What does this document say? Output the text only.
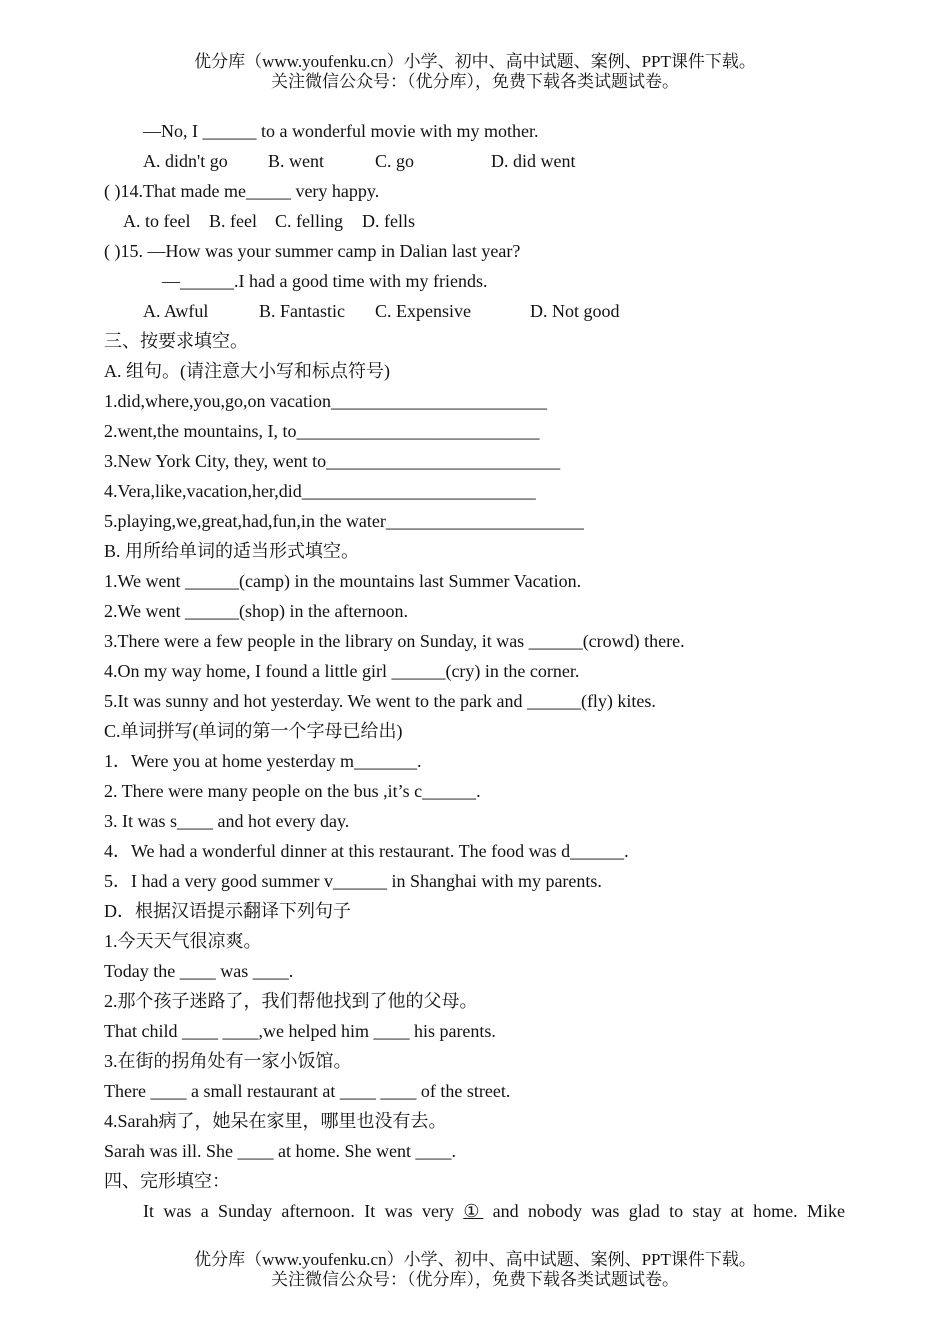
优分库（www.youfenku.cn）小学、初中、高中试题、案例、PPT课件下载。
关注微信公众号：（优分库），免费下载各类试题试卷。
—No, I ______ to a wonderful movie with my mother.
A. didn't go B. went	C. go	D. did went
( )14.That made me_____ very happy.
A. to feel B. feel C. felling D. fells
( )15. —How was your summer camp in Dalian last year?
—______.I had a good time with my friends.
A. Awful	B. Fantastic C. Expensive	D. Not good
三、按要求填空。
A. 组句。(请注意大小写和标点符号)
1.did,where,you,go,on vacation________________________
2.went,the mountains, I, to___________________________
3.New York City, they, went to__________________________
4.Vera,like,vacation,her,did__________________________
5.playing,we,great,had,fun,in the water______________________
B. 用所给单词的适当形式填空。
1.We went ______(camp) in the mountains last Summer Vacation.
2.We went ______(shop) in the afternoon.
3.There were a few people in the library on Sunday, it was ______(crowd) there.
4.On my way home, I found a little girl ______(cry) in the corner.
5.It was sunny and hot yesterday. We went to the park and ______(fly) kites.
C.单词拼写(单词的第一个字母已给出)
1．Were you at home yesterday m_______.
2. There were many people on the bus ,it’s c______.
3. It was s____ and hot every day.
4．We had a wonderful dinner at this restaurant. The food was d______.
5．I had a very good summer v______ in Shanghai with my parents.
D．根据汉语提示翻译下列句子
1.今天天气很凉爽。
Today the ____ was ____.
2.那个孩子迷路了，我们帮他找到了他的父母。
That child ____ ____,we helped him ____ his parents.
3.在街的拐角处有一家小饭馆。
There ____ a small restaurant at ____ ____ of the street.
4.Sarah病了，她呆在家里，哪里也没有去。
Sarah was ill. She ____ at home. She went ____.
四、完形填空：
It was a Sunday afternoon. It was very ① and nobody was glad to stay at home. Mike
优分库（www.youfenku.cn）小学、初中、高中试题、案例、PPT课件下载。
关注微信公众号：（优分库），免费下载各类试题试卷。
